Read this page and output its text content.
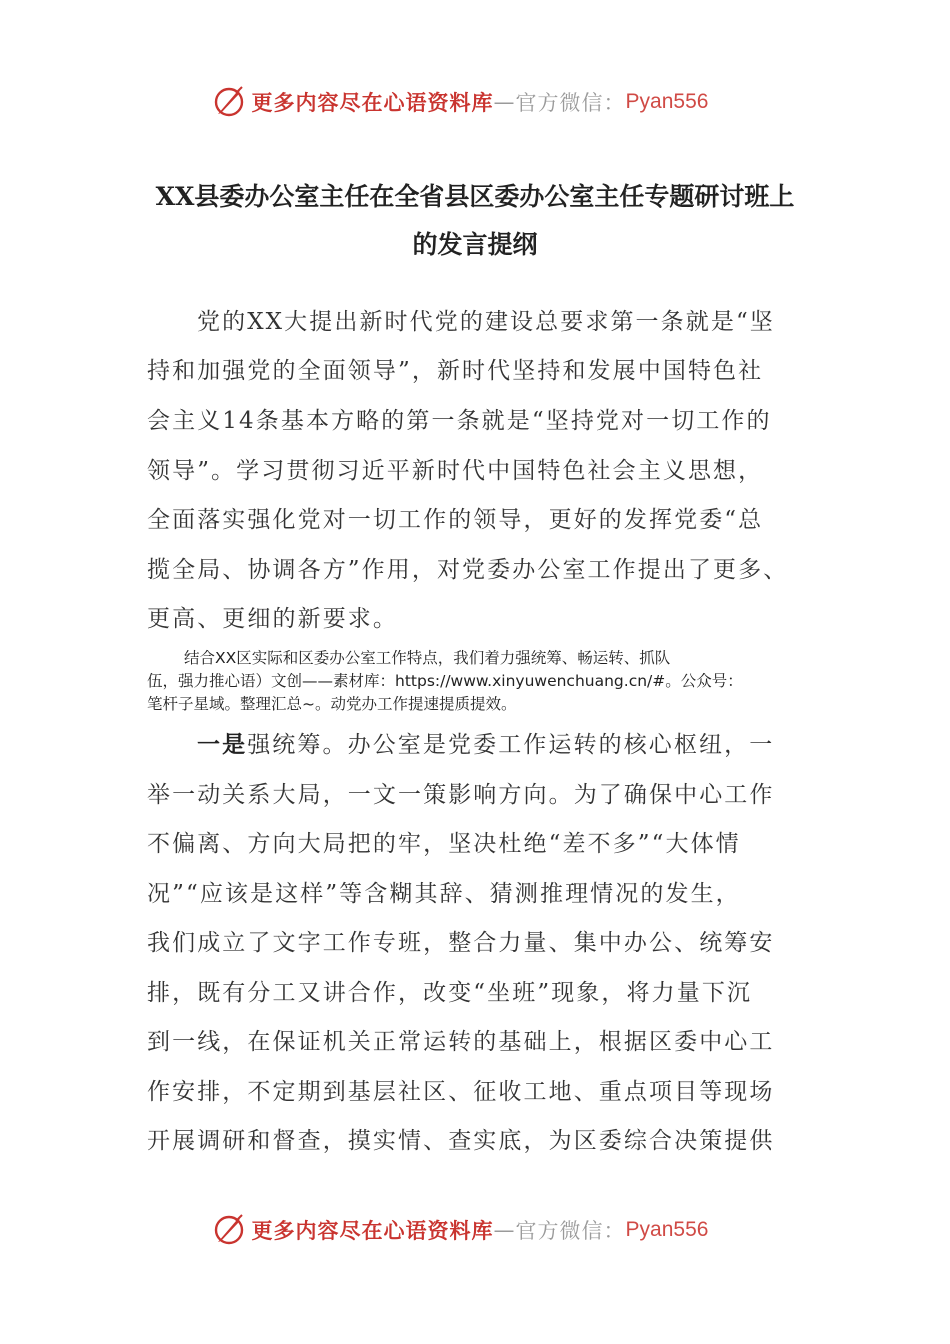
更多内容尽在心语资料库 — 官方微信： Pyan556
XX县委办公室主任在全省县区委办公室主任专题研讨班上
的发言提纲
党的XX大提出新时代党的建设总要求第一条就是“坚
持和加强党的全面领导”，新时代坚持和发展中国特色社
会主义14条基本方略的第一条就是“坚持党对一切工作的
领导”。学习贯彻习近平新时代中国特色社会主义思想，
全面落实强化党对一切工作的领导，更好的发挥党委“总
揽全局、协调各方”作用，对党委办公室工作提出了更多、
更高、更细的新要求。
结合XX区实际和区委办公室工作特点，我们着力强统筹、畅运转、抓队
伍，强力推心语）文创——素材库：https://www.xinyuwenchuang.cn/#。公众号：
笔杆子星域。整理汇总~。动党办工作提速提质提效。
一是强统筹。办公室是党委工作运转的核心枢纽，一
举一动关系大局，一文一策影响方向。为了确保中心工作
不偏离、方向大局把的牢，坚决杜绝“差不多”“大体情
况”“应该是这样”等含糊其辞、猜测推理情况的发生，
我们成立了文字工作专班，整合力量、集中办公、统筹安
排，既有分工又讲合作，改变“坐班”现象，将力量下沉
到一线，在保证机关正常运转的基础上，根据区委中心工
作安排，不定期到基层社区、征收工地、重点项目等现场
开展调研和督查，摸实情、查实底，为区委综合决策提供
更多内容尽在心语资料库 — 官方微信： Pyan556
